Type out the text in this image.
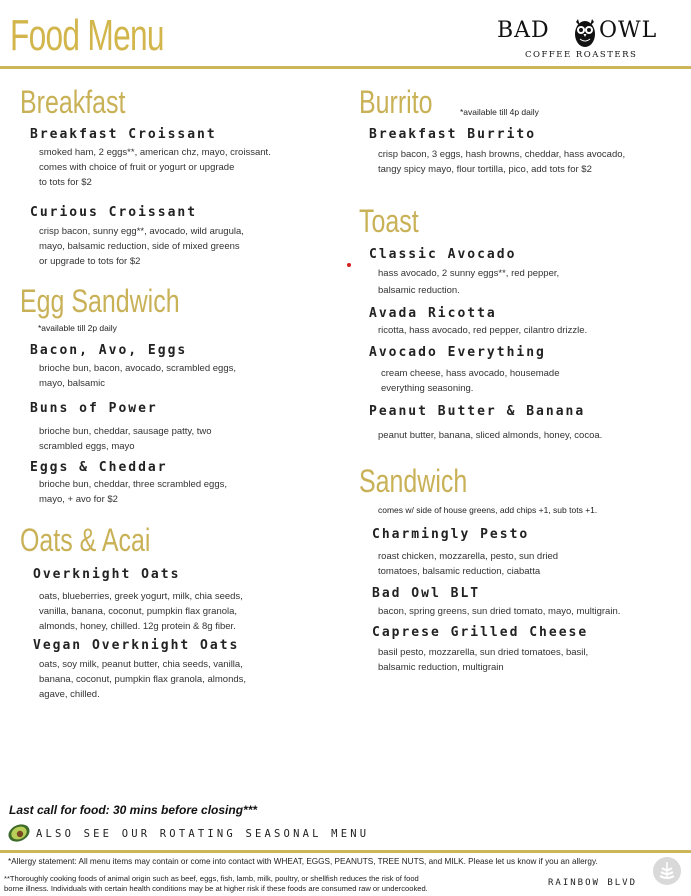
Food Menu	BAD OWL
COFFEE ROASTERS
Breakfast
Breakfast Croissant
smoked ham, 2 eggs**, american chz, mayo, croissant.
comes with choice of fruit or yogurt or upgrade
to tots for $2
Curious Croissant
crisp bacon, sunny egg**, avocado, wild arugula,
mayo, balsamic reduction, side of mixed greens
or upgrade to tots for $2
Egg Sandwich
*available till 2p daily
Bacon, Avo, Eggs
brioche bun, bacon, avocado, scrambled eggs,
mayo, balsamic
Buns of Power
brioche bun, cheddar, sausage patty, two
scrambled eggs, mayo
Eggs & Cheddar
brioche bun, cheddar, three scrambled eggs,
mayo, + avo for $2
Oats & Acai
Overknight Oats
oats, blueberries, greek yogurt, milk, chia seeds,
vanilla, banana, coconut, pumpkin flax granola,
almonds, honey, chilled. 12g protein & 8g fiber.
Vegan Overknight Oats
oats, soy milk, peanut butter, chia seeds, vanilla,
banana, coconut, pumpkin flax granola, almonds,
agave, chilled.
Burrito	*available till 4p daily
Breakfast Burrito
crisp bacon, 3 eggs, hash browns, cheddar, hass avocado,
tangy spicy mayo, flour tortilla, pico, add tots for $2
Toast
Classic Avocado
hass avocado, 2 sunny eggs**, red pepper,
balsamic reduction.
Avada Ricotta
ricotta, hass avocado, red pepper, cilantro drizzle.
Avocado Everything
cream cheese, hass avocado, housemade
everything seasoning.
Peanut Butter & Banana
peanut butter, banana, sliced almonds, honey, cocoa.
Sandwich
comes w/ side of house greens, add chips +1, sub tots +1.
Charmingly Pesto
roast chicken, mozzarella, pesto, sun dried
tomatoes, balsamic reduction, ciabatta
Bad Owl BLT
bacon, spring greens, sun dried tomato, mayo, multigrain.
Caprese Grilled Cheese
basil pesto, mozzarella, sun dried tomatoes, basil,
balsamic reduction, multigrain
Last call for food: 30 mins before closing***
ALSO SEE OUR ROTATING SEASONAL MENU
*Allergy statement: All menu items may contain or come into contact with WHEAT, EGGS, PEANUTS, TREE NUTS, and MILK. Please let us know if you an allergy.
**Thoroughly cooking foods of animal origin such as beef, eggs, fish, lamb, milk, poultry, or shellfish reduces the risk of food
borne illness. Individuals with certain health conditions may be at higher risk if these foods are consumed raw or undercooked.	RAINBOW BLVD
